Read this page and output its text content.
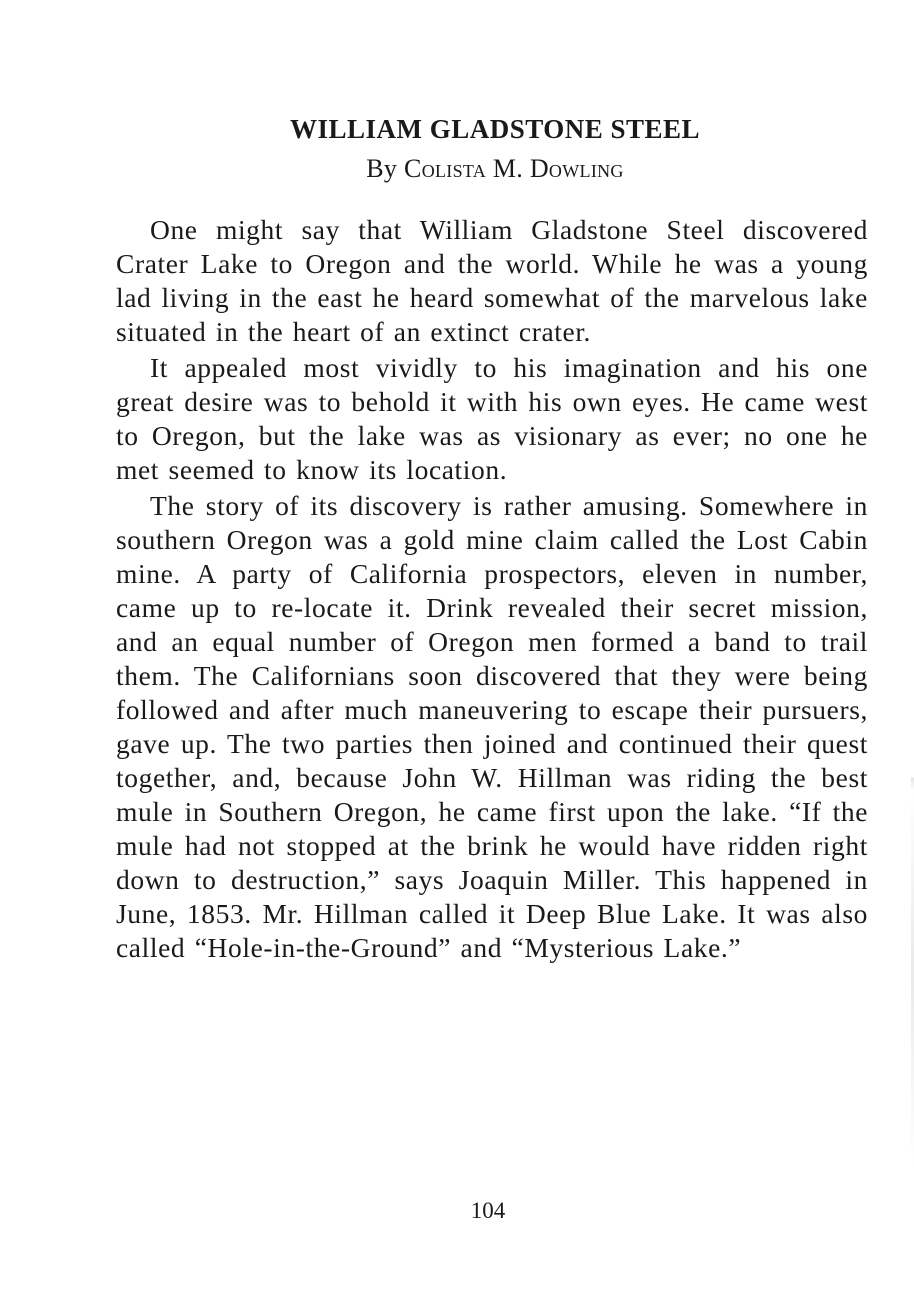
WILLIAM GLADSTONE STEEL

By Colista M. Dowling

One might say that William Gladstone Steel discovered Crater Lake to Oregon and the world. While he was a young lad living in the east he heard somewhat of the marvelous lake situated in the heart of an extinct crater.

It appealed most vividly to his imagination and his one great desire was to behold it with his own eyes. He came west to Oregon, but the lake was as visionary as ever; no one he met seemed to know its location.

The story of its discovery is rather amusing. Somewhere in southern Oregon was a gold mine claim called the Lost Cabin mine. A party of California prospectors, eleven in number, came up to re-locate it. Drink revealed their secret mission, and an equal number of Oregon men formed a band to trail them. The Californians soon discovered that they were being followed and after much maneuvering to escape their pursuers, gave up. The two parties then joined and continued their quest together, and, because John W. Hillman was riding the best mule in Southern Oregon, he came first upon the lake. “If the mule had not stopped at the brink he would have ridden right down to destruction,” says Joaquin Miller. This happened in June, 1853. Mr. Hillman called it Deep Blue Lake. It was also called “Hole-in-the-Ground” and “Mysterious Lake.”

104
